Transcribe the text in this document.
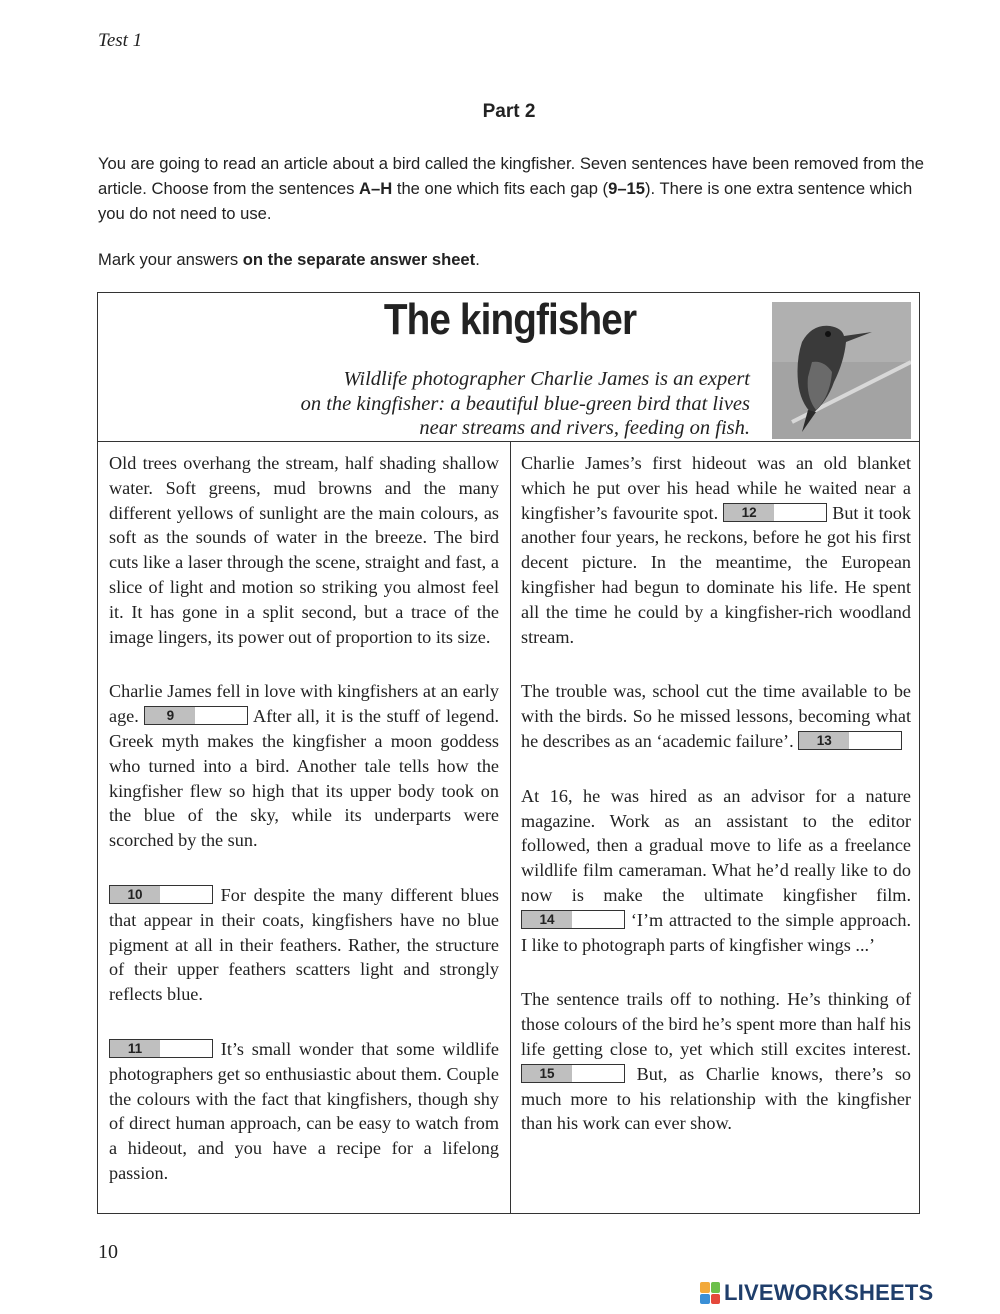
Test 1
Part 2
You are going to read an article about a bird called the kingfisher. Seven sentences have been removed from the article. Choose from the sentences A–H the one which fits each gap (9–15). There is one extra sentence which you do not need to use.
Mark your answers on the separate answer sheet.
The kingfisher
Wildlife photographer Charlie James is an expert
on the kingfisher: a beautiful blue-green bird that lives
near streams and rivers, feeding on fish.

Old trees overhang the stream, half shading shallow water. Soft greens, mud browns and the many different yellows of sunlight are the main colours, as soft as the sounds of water in the breeze. The bird cuts like a laser through the scene, straight and fast, a slice of light and motion so striking you almost feel it. It has gone in a split second, but a trace of the image lingers, its power out of proportion to its size.

Charlie James fell in love with kingfishers at an early age. 9	After all, it is the stuff of legend. Greek myth makes the kingfisher a moon goddess who turned into a bird. Another tale tells how the kingfisher flew so high that its upper body took on the blue of the sky, while its underparts were scorched by the sun.

10	For despite the many different blues that appear in their coats, kingfishers have no blue pigment at all in their feathers. Rather, the structure of their upper feathers scatters light and strongly reflects blue.

11	It’s small wonder that some wildlife photographers get so enthusiastic about them. Couple the colours with the fact that kingfishers, though shy of direct human approach, can be easy to watch from a hideout, and you have a recipe for a lifelong passion.

Charlie James’s first hideout was an old blanket which he put over his head while he waited near a kingfisher’s favourite spot. 12	But it took another four years, he reckons, before he got his first decent picture. In the meantime, the European kingfisher had begun to dominate his life. He spent all the time he could by a kingfisher-rich woodland stream.

The trouble was, school cut the time available to be with the birds. So he missed lessons, becoming what he describes as an ‘academic failure’. 13

At 16, he was hired as an advisor for a nature magazine. Work as an assistant to the editor followed, then a gradual move to life as a freelance wildlife film cameraman. What he’d really like to do now is make the ultimate kingfisher film. 14	‘I’m attracted to the simple approach. I like to photograph parts of kingfisher wings ...’

The sentence trails off to nothing. He’s thinking of those colours of the bird he’s spent more than half his life getting close to, yet which still excites interest. 15	But, as Charlie knows, there’s so much more to his relationship with the kingfisher than his work can ever show.

10
LIVEWORKSHEETS
